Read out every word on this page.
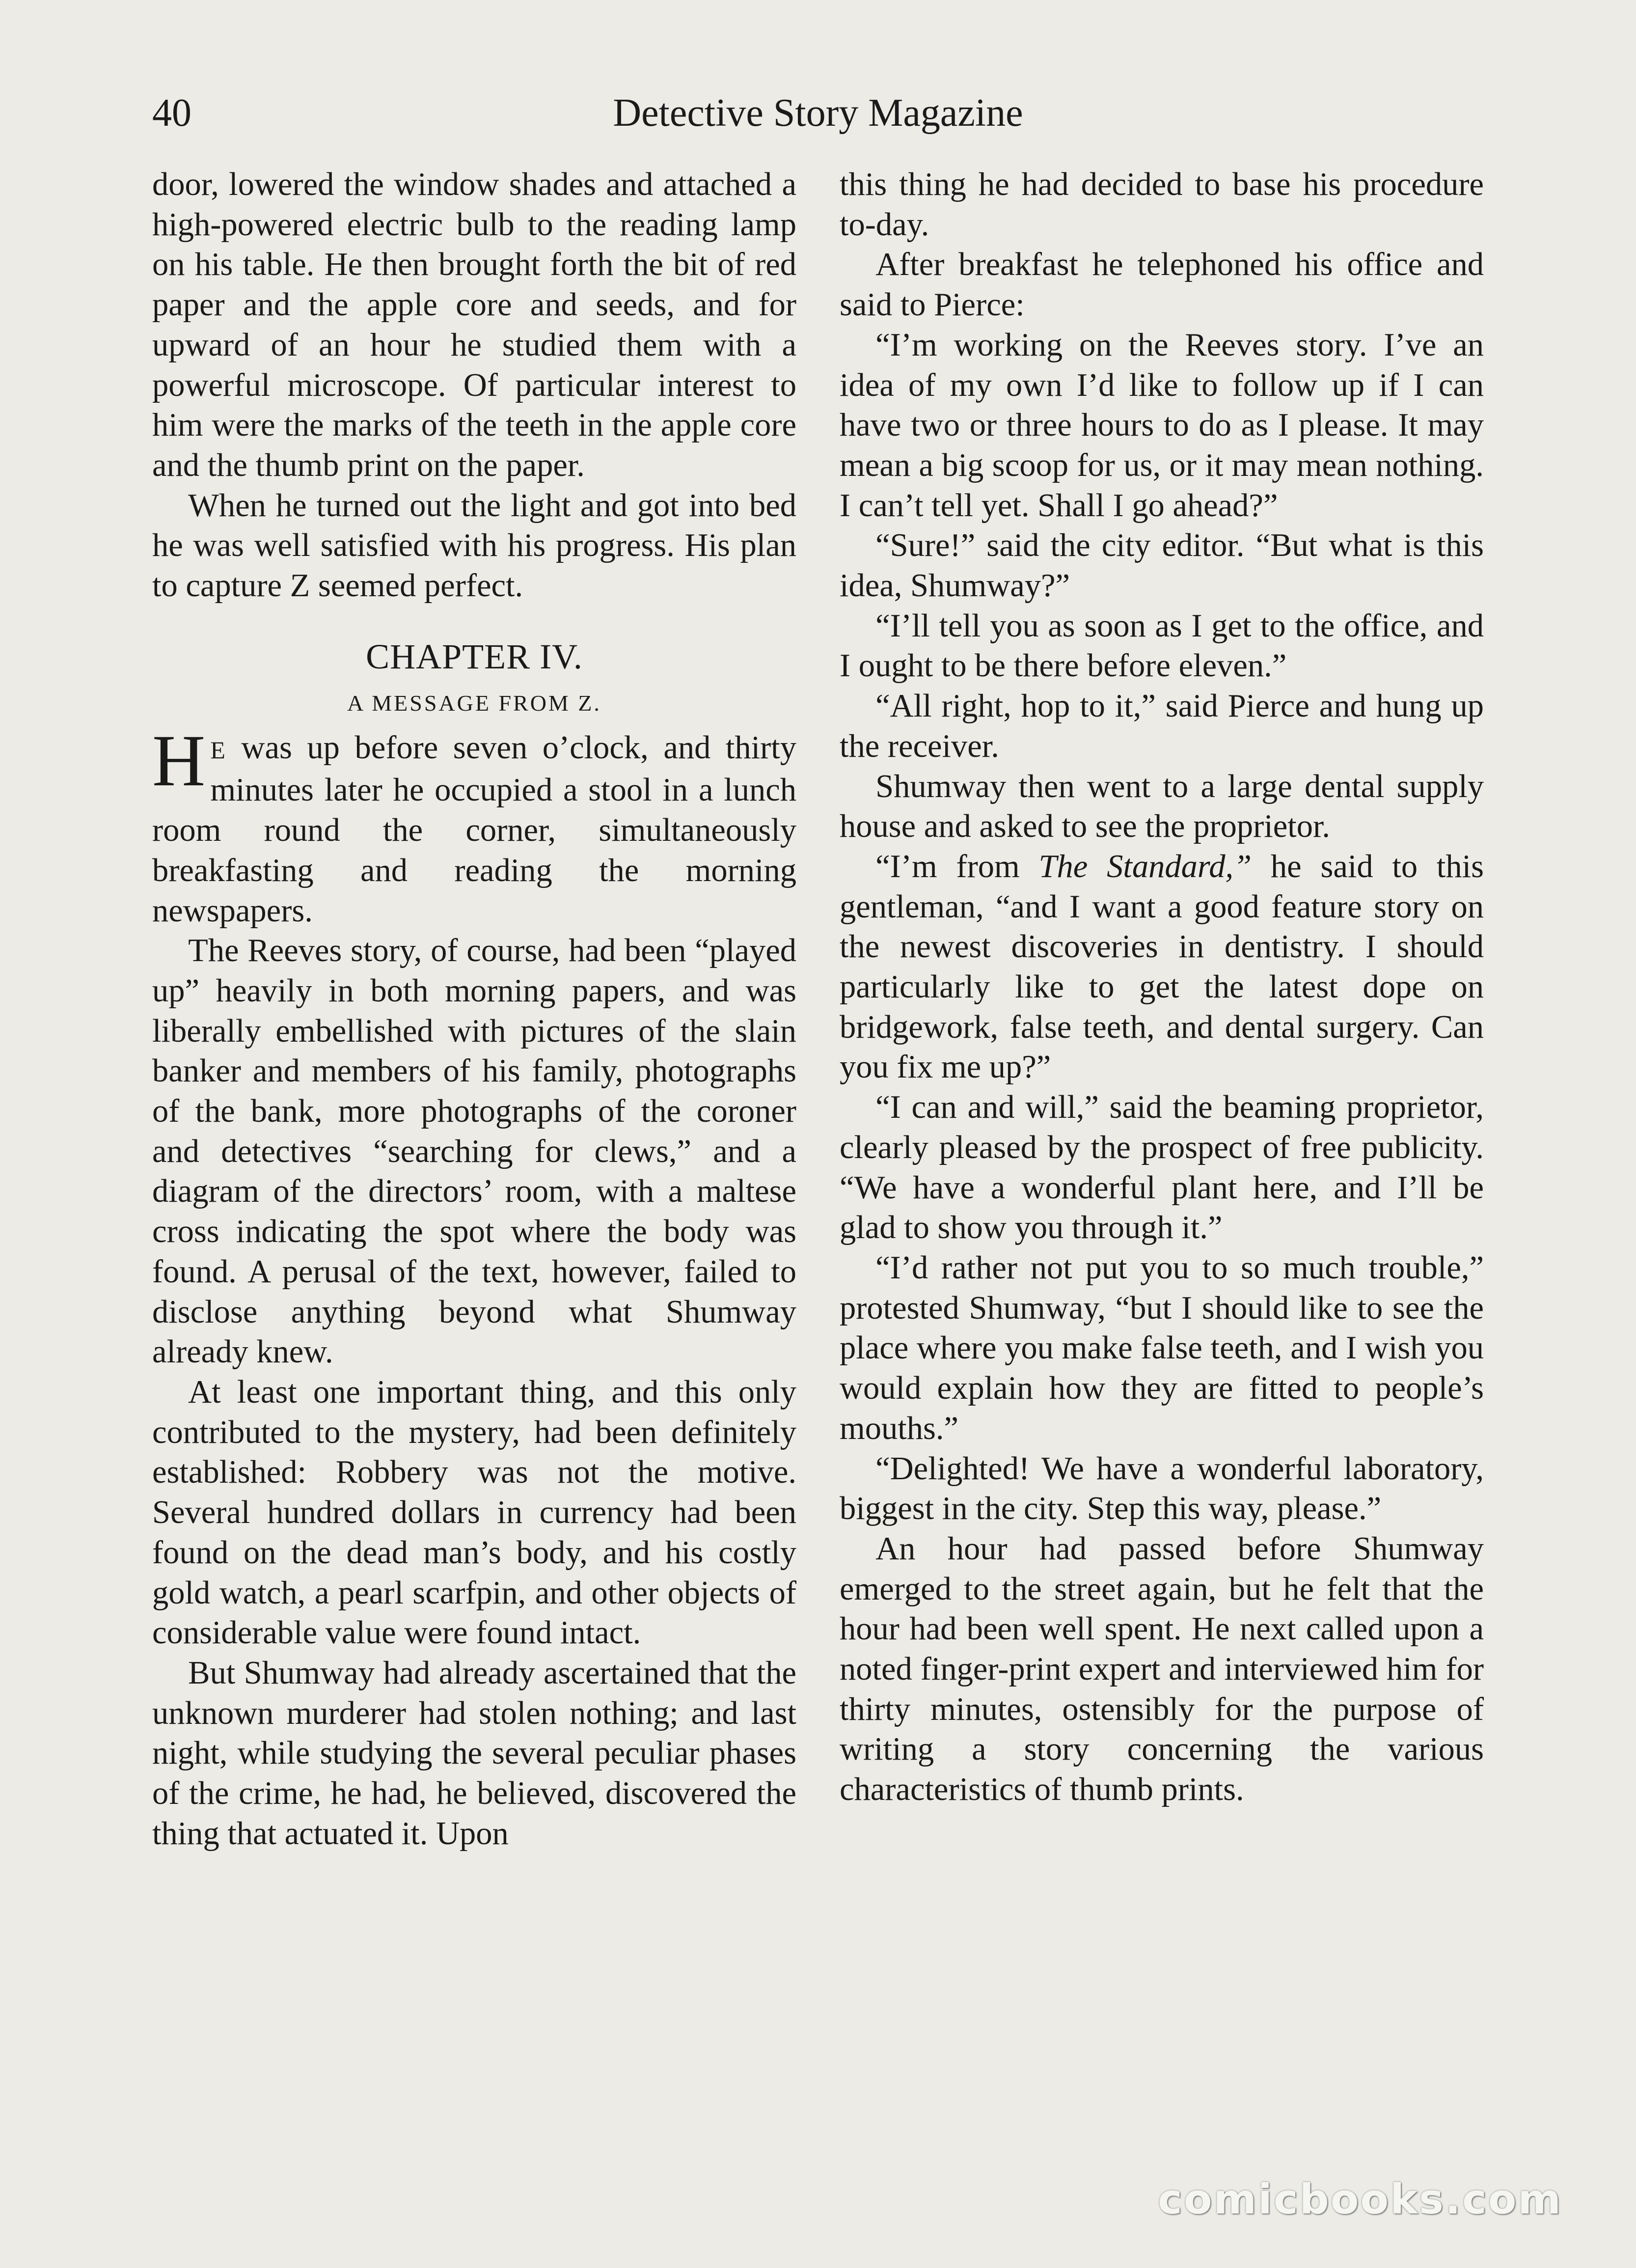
Detective Story Magazine
40

door, lowered the window shades and attached a high-powered electric bulb to the reading lamp on his table. He then brought forth the bit of red paper and the apple core and seeds, and for upward of an hour he studied them with a powerful microscope. Of particular interest to him were the marks of the teeth in the apple core and the thumb print on the paper.

When he turned out the light and got into bed he was well satisfied with his progress. His plan to capture Z seemed perfect.

CHAPTER IV.
A MESSAGE FROM Z.

H E was up before seven o’clock, and thirty minutes later he occupied a stool in a lunch room round the corner, simultaneously breakfasting and reading the morning newspapers.

The Reeves story, of course, had been “played up” heavily in both morning papers, and was liberally embellished with pictures of the slain banker and members of his family, photographs of the bank, more photographs of the coroner and detectives “searching for clews,” and a diagram of the directors’ room, with a maltese cross indicating the spot where the body was found. A perusal of the text, however, failed to disclose anything beyond what Shumway already knew.

At least one important thing, and this only contributed to the mystery, had been definitely established: Robbery was not the motive. Several hundred dollars in currency had been found on the dead man’s body, and his costly gold watch, a pearl scarfpin, and other objects of considerable value were found intact.

But Shumway had already ascertained that the unknown murderer had stolen nothing; and last night, while studying the several peculiar phases of the crime, he had, he believed, discovered the thing that actuated it. Upon

this thing he had decided to base his procedure to-day.

After breakfast he telephoned his office and said to Pierce:

“I’m working on the Reeves story. I’ve an idea of my own I’d like to follow up if I can have two or three hours to do as I please. It may mean a big scoop for us, or it may mean nothing. I can’t tell yet. Shall I go ahead?”

“Sure!” said the city editor. “But what is this idea, Shumway?”

“I’ll tell you as soon as I get to the office, and I ought to be there before eleven.”

“All right, hop to it,” said Pierce and hung up the receiver.

Shumway then went to a large dental supply house and asked to see the proprietor.

“I’m from The Standard,” he said to this gentleman, “and I want a good feature story on the newest discoveries in dentistry. I should particularly like to get the latest dope on bridgework, false teeth, and dental surgery. Can you fix me up?”

“I can and will,” said the beaming proprietor, clearly pleased by the prospect of free publicity. “We have a wonderful plant here, and I’ll be glad to show you through it.”

“I’d rather not put you to so much trouble,” protested Shumway, “but I should like to see the place where you make false teeth, and I wish you would explain how they are fitted to people’s mouths.”

“Delighted! We have a wonderful laboratory, biggest in the city. Step this way, please.”

An hour had passed before Shumway emerged to the street again, but he felt that the hour had been well spent. He next called upon a noted finger-print expert and interviewed him for thirty minutes, ostensibly for the purpose of writing a story concerning the various characteristics of thumb prints.

comicbooks.com
